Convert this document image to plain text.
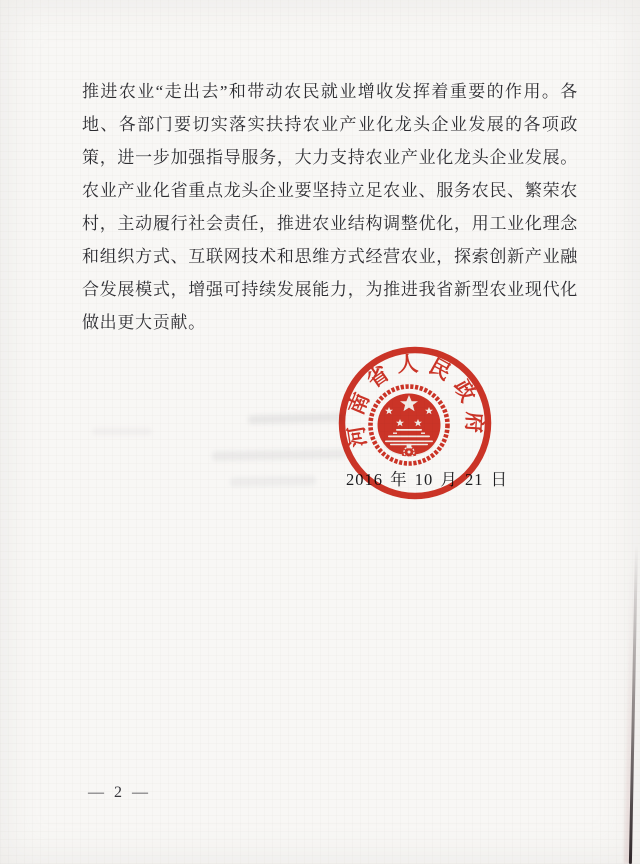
推进农业“走出去”和带动农民就业增收发挥着重要的作用。各
地、各部门要切实落实扶持农业产业化龙头企业发展的各项政
策，进一步加强指导服务，大力支持农业产业化龙头企业发展。
农业产业化省重点龙头企业要坚持立足农业、服务农民、繁荣农
村，主动履行社会责任，推进农业结构调整优化，用工业化理念
和组织方式、互联网技术和思维方式经营农业，探索创新产业融
合发展模式，增强可持续发展能力，为推进我省新型农业现代化
做出更大贡献。
2016 年 10 月 21 日
河南省人民政府
— 2 —
